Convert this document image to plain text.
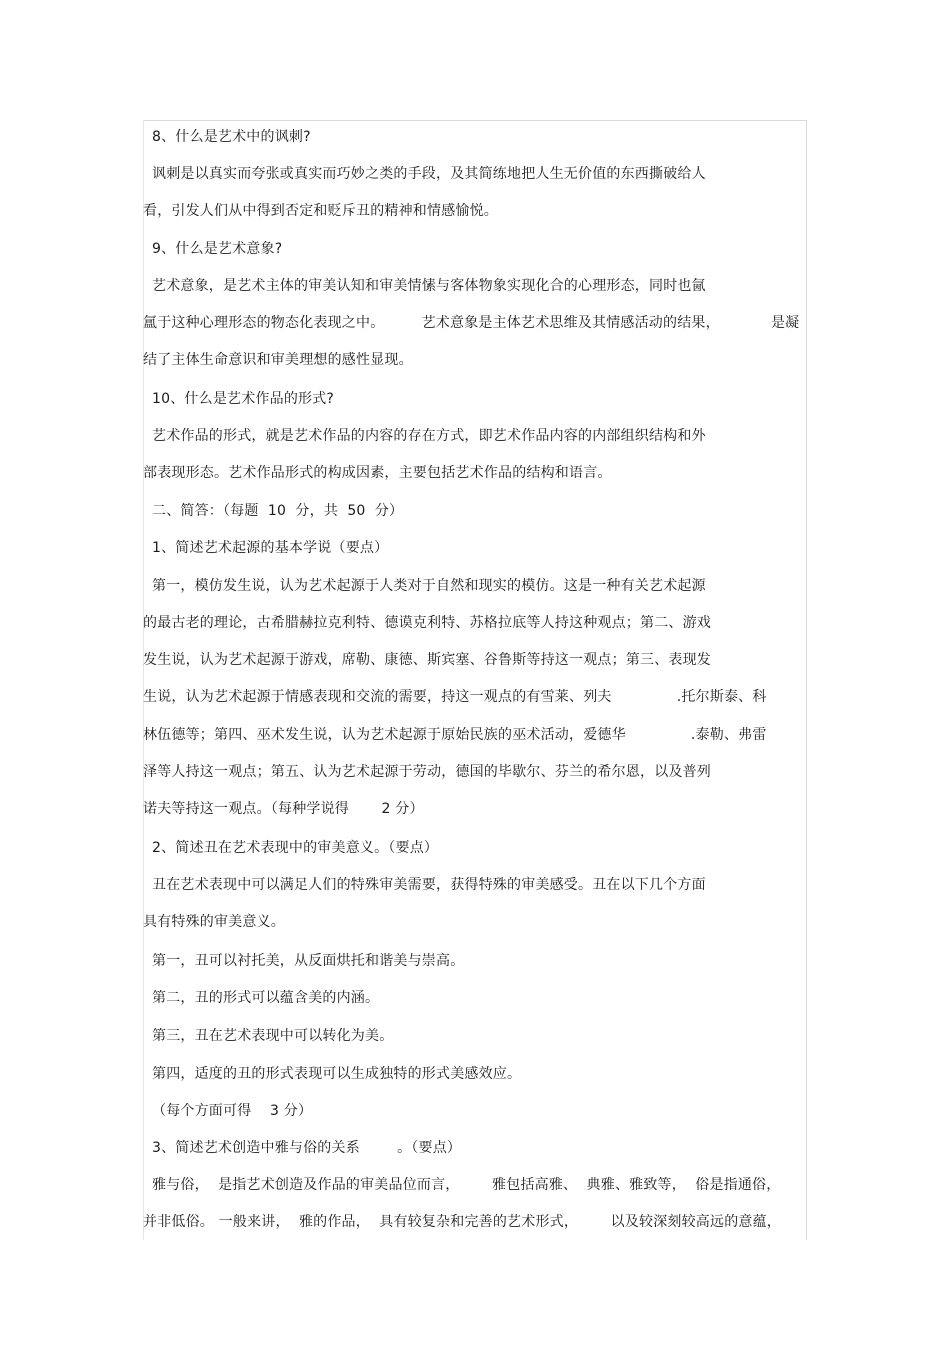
8、什么是艺术中的讽刺?
讽刺是以真实而夸张或真实而巧妙之类的手段，及其简练地把人生无价值的东西撕破给人
看，引发人们从中得到否定和贬斥丑的精神和情感愉悦。
9、什么是艺术意象?
艺术意象，是艺术主体的审美认知和审美情愫与客体物象实现化合的心理形态，同时也氤
氲于这种心理形态的物态化表现之中。        艺术意象是主体艺术思维及其情感活动的结果，           是凝
结了主体生命意识和审美理想的感性显现。
10、什么是艺术作品的形式?
艺术作品的形式，就是艺术作品的内容的存在方式，即艺术作品内容的内部组织结构和外
部表现形态。艺术作品形式的构成因素，主要包括艺术作品的结构和语言。
二、简答：（每题  10  分，共  50  分）
1、简述艺术起源的基本学说（要点）
第一，模仿发生说，认为艺术起源于人类对于自然和现实的模仿。这是一种有关艺术起源
的最古老的理论，古希腊赫拉克利特、德谟克利特、苏格拉底等人持这种观点；第二、游戏
发生说，认为艺术起源于游戏，席勒、康德、斯宾塞、谷鲁斯等持这一观点；第三、表现发
生说，认为艺术起源于情感表现和交流的需要，持这一观点的有雪莱、列夫              .托尔斯泰、科
林伍德等；第四、巫术发生说，认为艺术起源于原始民族的巫术活动，爱德华              .泰勒、弗雷
泽等人持这一观点；第五、认为艺术起源于劳动，德国的毕歇尔、芬兰的希尔恩，以及普列
诺夫等持这一观点。（每种学说得       2 分）
2、简述丑在艺术表现中的审美意义。（要点）
丑在艺术表现中可以满足人们的特殊审美需要，获得特殊的审美感受。丑在以下几个方面
具有特殊的审美意义。
第一，丑可以衬托美，从反面烘托和谐美与崇高。
第二，丑的形式可以蕴含美的内涵。
第三，丑在艺术表现中可以转化为美。
第四，适度的丑的形式表现可以生成独特的形式美感效应。
（每个方面可得    3 分）
3、简述艺术创造中雅与俗的关系        。（要点）
雅与俗，  是指艺术创造及作品的审美品位而言，       雅包括高雅、  典雅、雅致等，  俗是指通俗，
并非低俗。 一般来讲，  雅的作品，  具有较复杂和完善的艺术形式，       以及较深刻较高远的意蕴，
